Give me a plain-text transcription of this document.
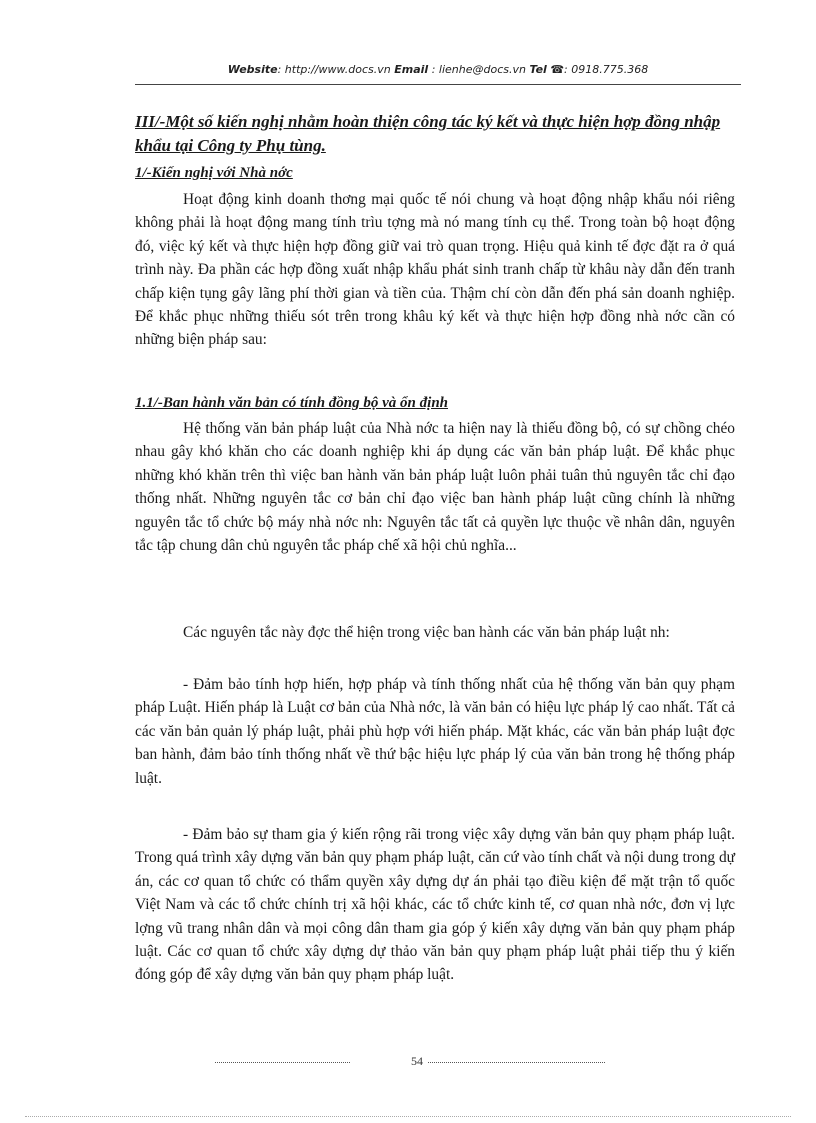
Website: http://www.docs.vn Email : lienhe@docs.vn Tel ☎: 0918.775.368
III/-Một số kiến nghị nhằm hoàn thiện công tác ký kết và thực hiện hợp đồng nhập khẩu tại Công ty Phụ tùng.
1/-Kiến nghị với Nhà nớc

Hoạt động kinh doanh thơng mại quốc tế nói chung và hoạt động nhập khẩu nói riêng không phải là hoạt động mang tính trìu tợng mà nó mang tính cụ thể. Trong toàn bộ hoạt động đó, việc ký kết và thực hiện hợp đồng giữ vai trò quan trọng. Hiệu quả kinh tế đợc đặt ra ở quá trình này. Đa phần các hợp đồng xuất nhập khẩu phát sinh tranh chấp từ khâu này dẫn đến tranh chấp kiện tụng gây lãng phí thời gian và tiền của. Thậm chí còn dẫn đến phá sản doanh nghiệp. Để khắc phục những thiếu sót trên trong khâu ký kết và thực hiện hợp đồng nhà nớc cần có những biện pháp sau:

1.1/-Ban hành văn bản có tính đồng bộ và ổn định

Hệ thống văn bản pháp luật của Nhà nớc ta hiện nay là thiếu đồng bộ, có sự chồng chéo nhau gây khó khăn cho các doanh nghiệp khi áp dụng các văn bản pháp luật. Để khắc phục những khó khăn trên thì việc ban hành văn bản pháp luật luôn phải tuân thủ nguyên tắc chỉ đạo thống nhất. Những nguyên tắc cơ bản chỉ đạo việc ban hành pháp luật cũng chính là những nguyên tắc tổ chức bộ máy nhà nớc nh: Nguyên tắc tất cả quyền lực thuộc về nhân dân, nguyên tắc tập chung dân chủ nguyên tắc pháp chế xã hội chủ nghĩa...

Các nguyên tắc này đợc thể hiện trong việc ban hành các văn bản pháp luật nh:

- Đảm bảo tính hợp hiến, hợp pháp và tính thống nhất của hệ thống văn bản quy phạm pháp Luật. Hiến pháp là Luật cơ bản của Nhà nớc, là văn bản có hiệu lực pháp lý cao nhất. Tất cả các văn bản quản lý pháp luật, phải phù hợp với hiến pháp. Mặt khác, các văn bản pháp luật đợc ban hành, đảm bảo tính thống nhất về thứ bậc hiệu lực pháp lý của văn bản trong hệ thống pháp luật.

- Đảm bảo sự tham gia ý kiến rộng rãi trong việc xây dựng văn bản quy phạm pháp luật. Trong quá trình xây dựng văn bản quy phạm pháp luật, căn cứ vào tính chất và nội dung trong dự án, các cơ quan tổ chức có thẩm quyền xây dựng dự án phải tạo điều kiện để mặt trận tổ quốc Việt Nam và các tổ chức chính trị xã hội khác, các tổ chức kinh tế, cơ quan nhà nớc, đơn vị lực lợng vũ trang nhân dân và mọi công dân tham gia góp ý kiến xây dựng văn bản quy phạm pháp luật. Các cơ quan tổ chức xây dựng dự thảo văn bản quy phạm pháp luật phải tiếp thu ý kiến đóng góp để xây dựng văn bản quy phạm pháp luật.

54
